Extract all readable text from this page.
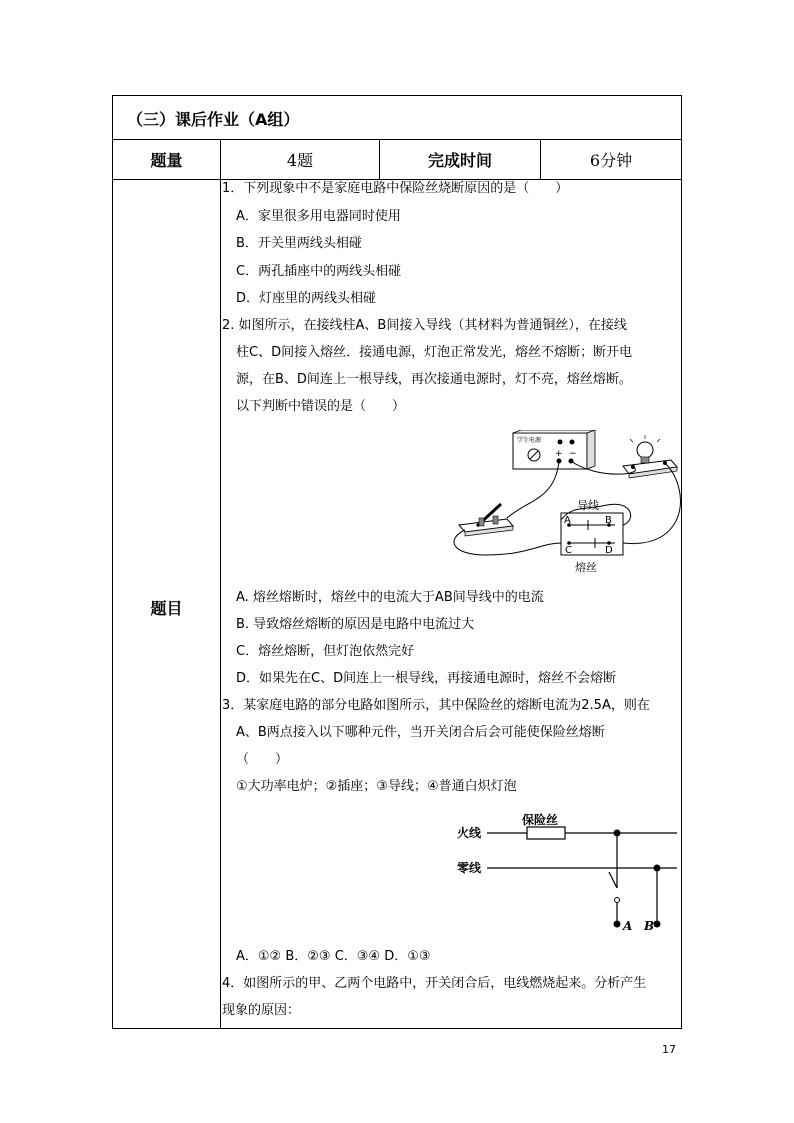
（三）课后作业（A组）
题量	4题	完成时间	6分钟
题目
1．下列现象中不是家庭电路中保险丝烧断原因的是（　　）
A．家里很多用电器同时使用
B．开关里两线头相碰
C．两孔插座中的两线头相碰
D．灯座里的两线头相碰
2. 如图所示，在接线柱A、B间接入导线（其材料为普通铜丝），在接线
柱C、D间接入熔丝．接通电源，灯泡正常发光，熔丝不熔断；断开电
源，在B、D间连上一根导线，再次接通电源时，灯不亮，熔丝熔断。
以下判断中错误的是（　　）
学生电源
+ −
A	B
C	D
导线
熔丝
A. 熔丝熔断时，熔丝中的电流大于AB间导线中的电流
B. 导致熔丝熔断的原因是电路中电流过大
C．熔丝熔断，但灯泡依然完好
D．如果先在C、D间连上一根导线，再接通电源时，熔丝不会熔断
3．某家庭电路的部分电路如图所示，其中保险丝的熔断电流为2.5A，则在
A、B两点接入以下哪种元件，当开关闭合后会可能使保险丝熔断
（　　）
①大功率电炉；②插座；③导线；④普通白炽灯泡
火线
零线
保险丝
A B
A．①② B．②③ C．③④ D．①③
4．如图所示的甲、乙两个电路中，开关闭合后，电线燃烧起来。分析产生
现象的原因：
17
